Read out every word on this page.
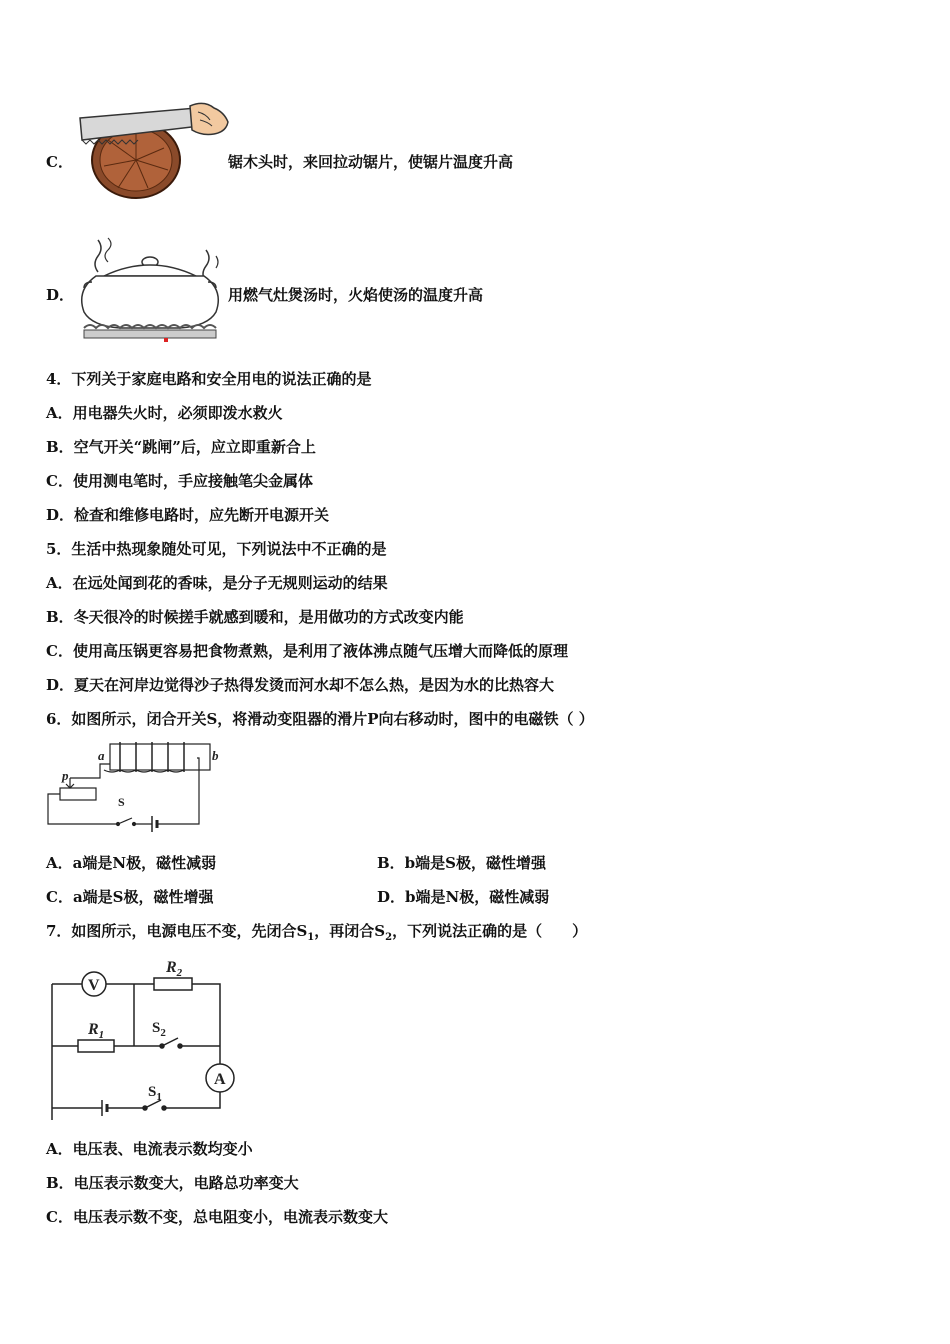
C．	锯木头时，来回拉动锯片，使锯片温度升高
D．	用燃气灶煲汤时，火焰使汤的温度升高
4．下列关于家庭电路和安全用电的说法正确的是
A．用电器失火时，必须即泼水救火
B．空气开关“跳闸”后，应立即重新合上
C．使用测电笔时，手应接触笔尖金属体
D．检查和维修电路时，应先断开电源开关
5．生活中热现象随处可见，下列说法中不正确的是
A．在远处闻到花的香味，是分子无规则运动的结果
B．冬天很冷的时候搓手就感到暖和，是用做功的方式改变内能
C．使用高压锅更容易把食物煮熟，是利用了液体沸点随气压增大而降低的原理
D．夏天在河岸边觉得沙子热得发烫而河水却不怎么热，是因为水的比热容大
6．如图所示，闭合开关S，将滑动变阻器的滑片P向右移动时，图中的电磁铁（ ）
a	b
p
S
A．a端是N极，磁性减弱	B．b端是S极，磁性增强
C．a端是S极，磁性增强	D．b端是N极，磁性减弱
7．如图所示，电源电压不变，先闭合$S_1$，再闭合$S_2$，下列说法正确的是（　　）
V
A
$R_2$
$R_1$	$S_2$
$S_1$
A．电压表、电流表示数均变小
B．电压表示数变大，电路总功率变大
C．电压表示数不变，总电阻变小，电流表示数变大
